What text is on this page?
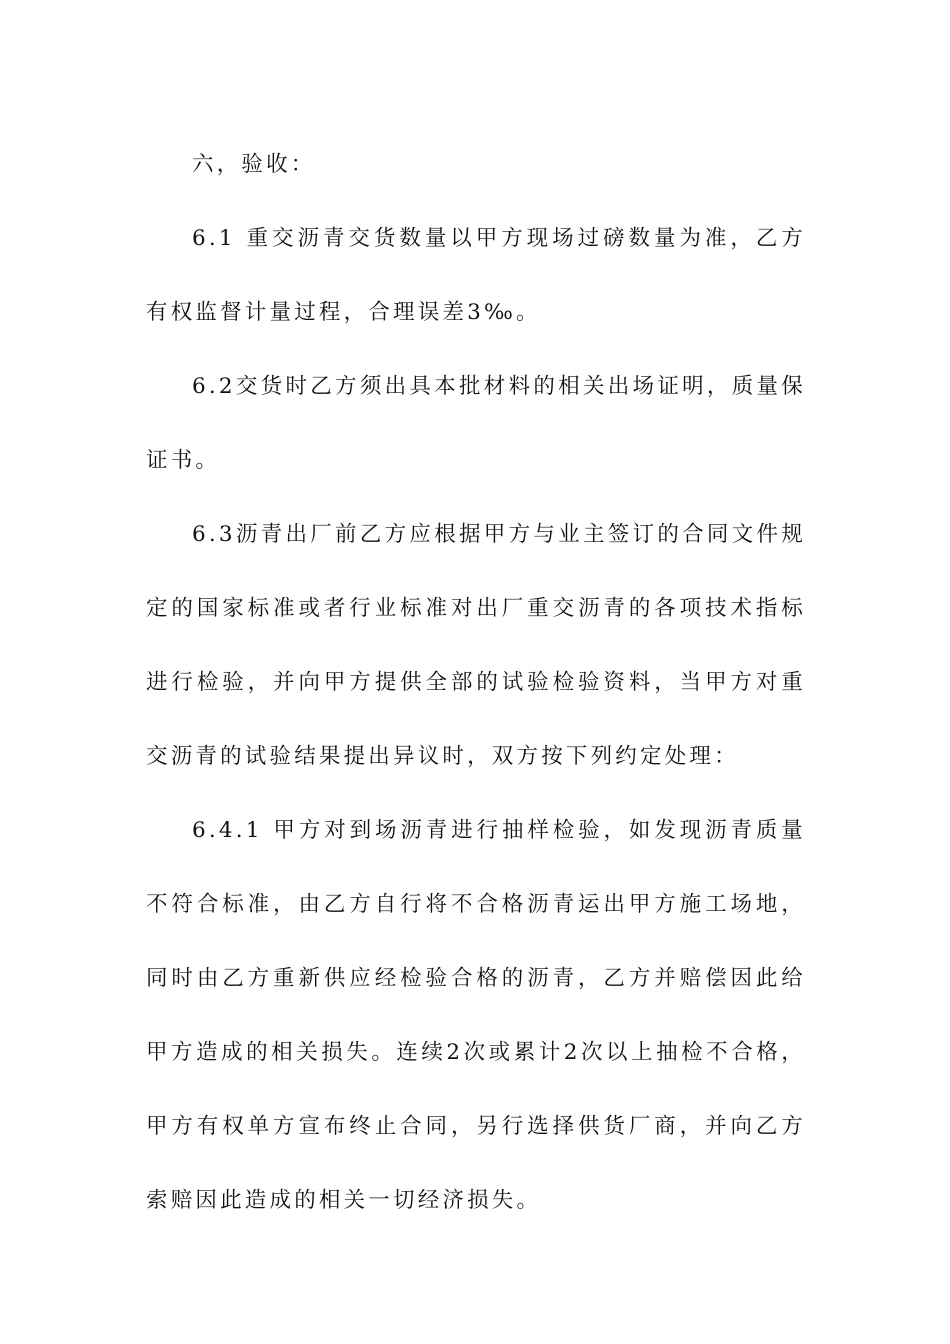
六，验收：

6.1 重交沥青交货数量以甲方现场过磅数量为准，乙方有权监督计量过程，合理误差3‰。

6.2交货时乙方须出具本批材料的相关出场证明，质量保证书。

6.3沥青出厂前乙方应根据甲方与业主签订的合同文件规定的国家标准或者行业标准对出厂重交沥青的各项技术指标进行检验，并向甲方提供全部的试验检验资料，当甲方对重交沥青的试验结果提出异议时，双方按下列约定处理：

6.4.1 甲方对到场沥青进行抽样检验，如发现沥青质量不符合标准，由乙方自行将不合格沥青运出甲方施工场地，同时由乙方重新供应经检验合格的沥青，乙方并赔偿因此给甲方造成的相关损失。连续2次或累计2次以上抽检不合格，甲方有权单方宣布终止合同，另行选择供货厂商，并向乙方索赔因此造成的相关一切经济损失。
